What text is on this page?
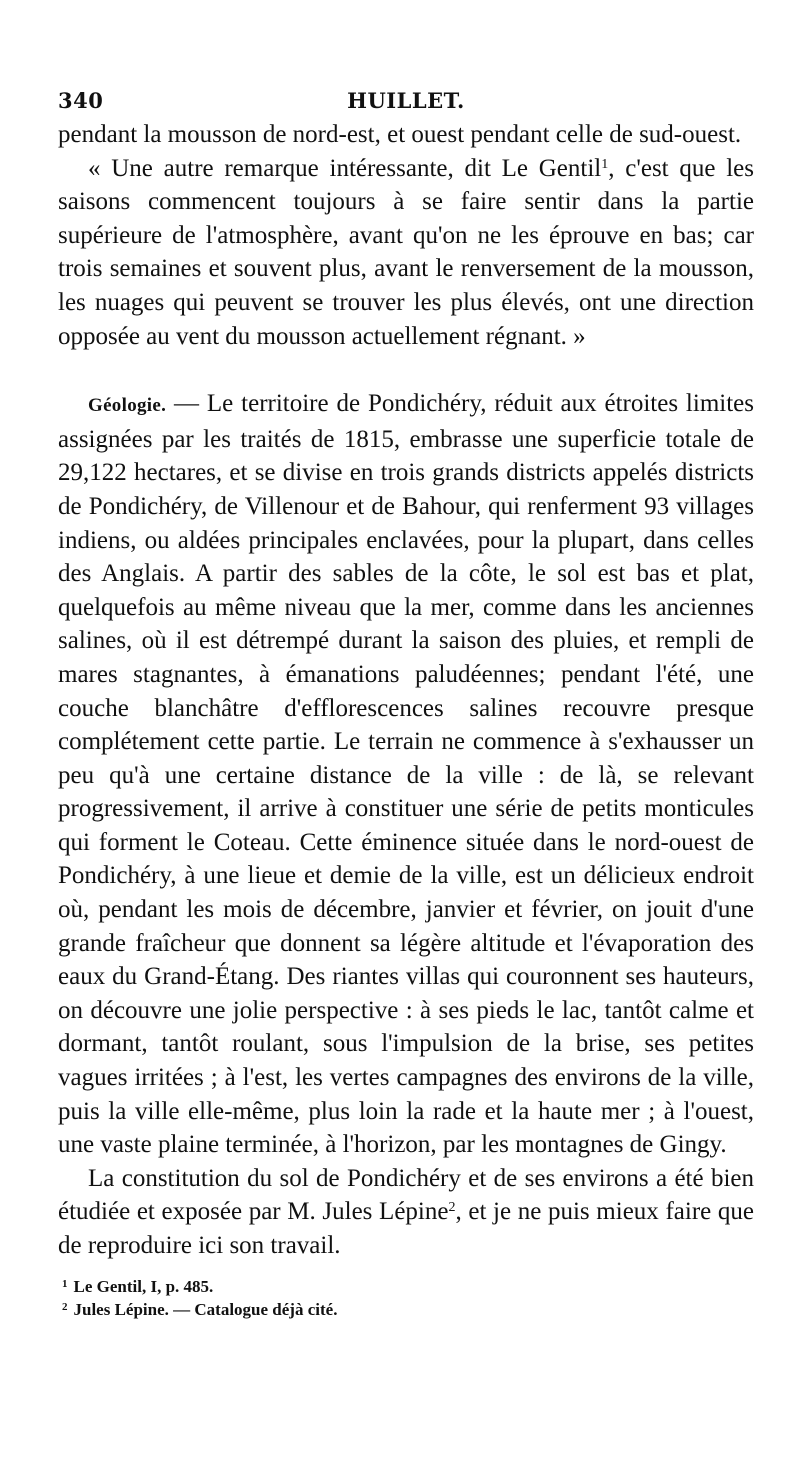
340	HUILLET.

pendant la mousson de nord-est, et ouest pendant celle de sud-ouest.

« Une autre remarque intéressante, dit Le Gentil$^1$, c'est que les saisons commencent toujours à se faire sentir dans la partie supérieure de l'atmosphère, avant qu'on ne les éprouve en bas; car trois semaines et souvent plus, avant le renversement de la mousson, les nuages qui peuvent se trouver les plus élevés, ont une direction opposée au vent du mousson actuellement régnant. »

Géologie. — Le territoire de Pondichéry, réduit aux étroites limites assignées par les traités de 1815, embrasse une superficie totale de 29,122 hectares, et se divise en trois grands districts appelés districts de Pondichéry, de Villenour et de Bahour, qui renferment 93 villages indiens, ou aldées principales enclavées, pour la plupart, dans celles des Anglais. A partir des sables de la côte, le sol est bas et plat, quelquefois au même niveau que la mer, comme dans les anciennes salines, où il est détrempé durant la saison des pluies, et rempli de mares stagnantes, à émanations paludéennes; pendant l'été, une couche blanchâtre d'efflorescences salines recouvre presque complétement cette partie. Le terrain ne commence à s'exhausser un peu qu'à une certaine distance de la ville : de là, se relevant progressivement, il arrive à constituer une série de petits monticules qui forment le Coteau. Cette éminence située dans le nord-ouest de Pondichéry, à une lieue et demie de la ville, est un délicieux endroit où, pendant les mois de décembre, janvier et février, on jouit d'une grande fraîcheur que donnent sa légère altitude et l'évaporation des eaux du Grand-Étang. Des riantes villas qui couronnent ses hauteurs, on découvre une jolie perspective : à ses pieds le lac, tantôt calme et dormant, tantôt roulant, sous l'impulsion de la brise, ses petites vagues irritées ; à l'est, les vertes campagnes des environs de la ville, puis la ville elle-même, plus loin la rade et la haute mer ; à l'ouest, une vaste plaine terminée, à l'horizon, par les montagnes de Gingy.

La constitution du sol de Pondichéry et de ses environs a été bien étudiée et exposée par M. Jules Lépine$^2$, et je ne puis mieux faire que de reproduire ici son travail.

$^1$ Le Gentil, I, p. 485.

$^2$ Jules Lépine. — Catalogue déjà cité.
